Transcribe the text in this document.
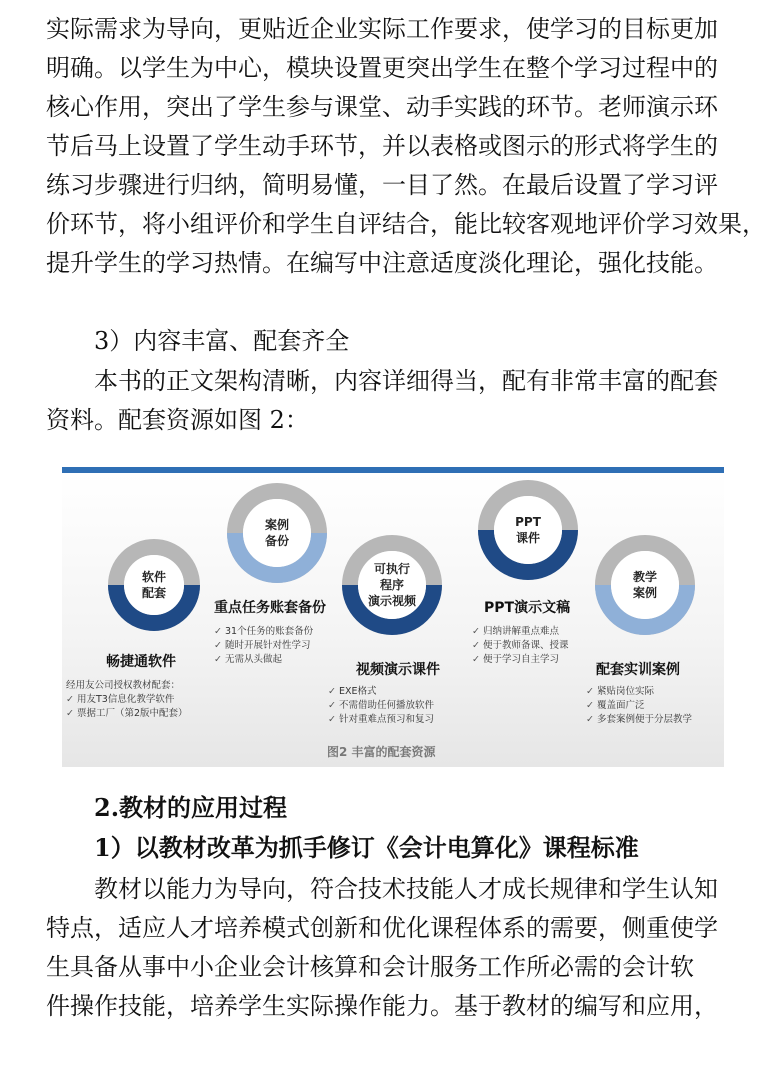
实际需求为导向，更贴近企业实际工作要求，使学习的目标更加
明确。以学生为中心，模块设置更突出学生在整个学习过程中的
核心作用，突出了学生参与课堂、动手实践的环节。老师演示环
节后马上设置了学生动手环节，并以表格或图示的形式将学生的
练习步骤进行归纳，简明易懂，一目了然。在最后设置了学习评
价环节，将小组评价和学生自评结合，能比较客观地评价学习效果，
提升学生的学习热情。在编写中注意适度淡化理论，强化技能。
3）内容丰富、配套齐全
本书的正文架构清晰，内容详细得当，配有非常丰富的配套
资料。配套资源如图 2：
软件
配套
案例
备份
可执行
程序
演示视频
PPT
课件
教学
案例
畅捷通软件
经用友公司授权教材配套：
✓ 用友T3信息化教学软件
✓ 票据工厂（第2版中配套）
重点任务账套备份
✓ 31个任务的账套备份
✓ 随时开展针对性学习
✓ 无需从头做起
视频演示课件
✓ EXE格式
✓ 不需借助任何播放软件
✓ 针对重难点预习和复习
PPT演示文稿
✓ 归纳讲解重点难点
✓ 便于教师备课、授课
✓ 便于学习自主学习
配套实训案例
✓ 紧贴岗位实际
✓ 覆盖面广泛
✓ 多套案例便于分层教学
图2 丰富的配套资源
2.教材的应用过程
1）以教材改革为抓手修订《会计电算化》课程标准
教材以能力为导向，符合技术技能人才成长规律和学生认知
特点，适应人才培养模式创新和优化课程体系的需要，侧重使学
生具备从事中小企业会计核算和会计服务工作所必需的会计软
件操作技能，培养学生实际操作能力。基于教材的编写和应用，
